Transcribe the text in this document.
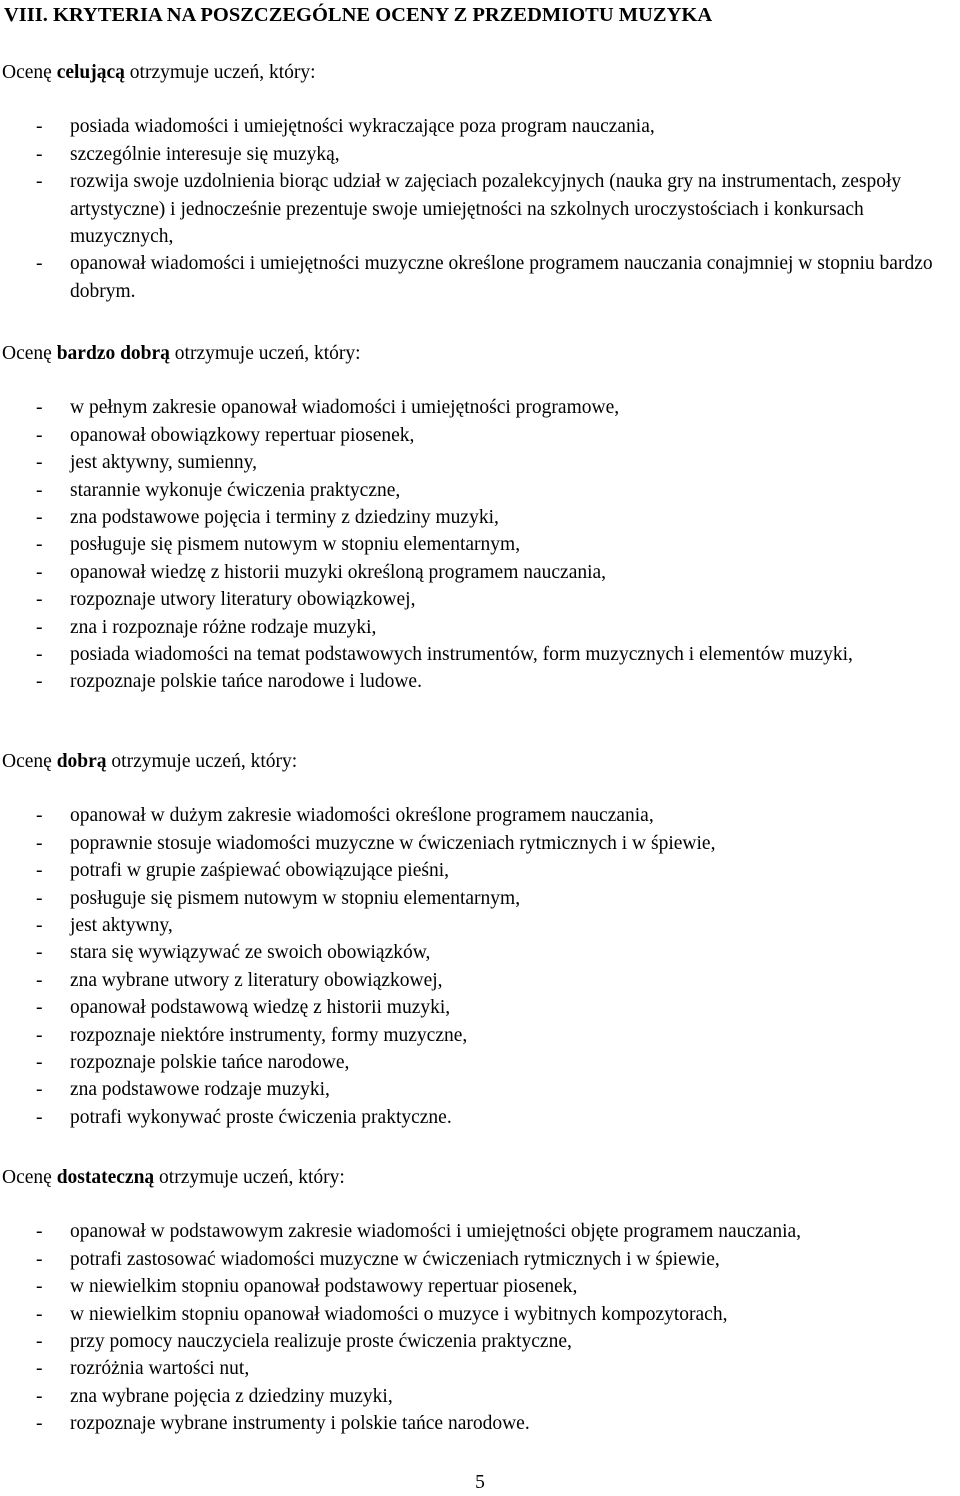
VIII. KRYTERIA NA POSZCZEGÓLNE OCENY Z PRZEDMIOTU MUZYKA
Ocenę celującą otrzymuje uczeń, który:
- posiada wiadomości i umiejętności wykraczające poza program nauczania,
- szczególnie interesuje się muzyką,
- rozwija swoje uzdolnienia biorąc udział w zajęciach pozalekcyjnych (nauka gry na instrumentach, zespoły artystyczne) i jednocześnie prezentuje swoje umiejętności na szkolnych uroczystościach i konkursach muzycznych,
- opanował wiadomości i umiejętności muzyczne określone programem nauczania conajmniej w stopniu bardzo dobrym.
Ocenę bardzo dobrą otrzymuje uczeń, który:
- w pełnym zakresie opanował wiadomości i umiejętności programowe,
- opanował obowiązkowy repertuar piosenek,
- jest aktywny, sumienny,
- starannie wykonuje ćwiczenia praktyczne,
- zna podstawowe pojęcia i terminy z dziedziny muzyki,
- posługuje się pismem nutowym w stopniu elementarnym,
- opanował wiedzę z historii muzyki określoną programem nauczania,
- rozpoznaje utwory literatury obowiązkowej,
- zna i rozpoznaje różne rodzaje muzyki,
- posiada wiadomości na temat podstawowych instrumentów, form muzycznych i elementów muzyki,
- rozpoznaje polskie tańce narodowe i ludowe.
Ocenę dobrą otrzymuje uczeń, który:
- opanował w dużym zakresie wiadomości określone programem nauczania,
- poprawnie stosuje wiadomości muzyczne w ćwiczeniach rytmicznych i w śpiewie,
- potrafi w grupie zaśpiewać obowiązujące pieśni,
- posługuje się pismem nutowym w stopniu elementarnym,
- jest aktywny,
- stara się wywiązywać ze swoich obowiązków,
- zna wybrane utwory z literatury obowiązkowej,
- opanował podstawową wiedzę z historii muzyki,
- rozpoznaje niektóre instrumenty, formy muzyczne,
- rozpoznaje polskie tańce narodowe,
- zna podstawowe rodzaje muzyki,
- potrafi wykonywać proste ćwiczenia praktyczne.
Ocenę dostateczną otrzymuje uczeń, który:
- opanował w podstawowym zakresie wiadomości i umiejętności objęte programem nauczania,
- potrafi zastosować wiadomości muzyczne w ćwiczeniach rytmicznych i w śpiewie,
- w niewielkim stopniu opanował podstawowy repertuar piosenek,
- w niewielkim stopniu opanował wiadomości o muzyce i wybitnych kompozytorach,
- przy pomocy nauczyciela realizuje proste ćwiczenia praktyczne,
- rozróżnia wartości nut,
- zna wybrane pojęcia z dziedziny muzyki,
- rozpoznaje wybrane instrumenty i polskie tańce narodowe.
5
